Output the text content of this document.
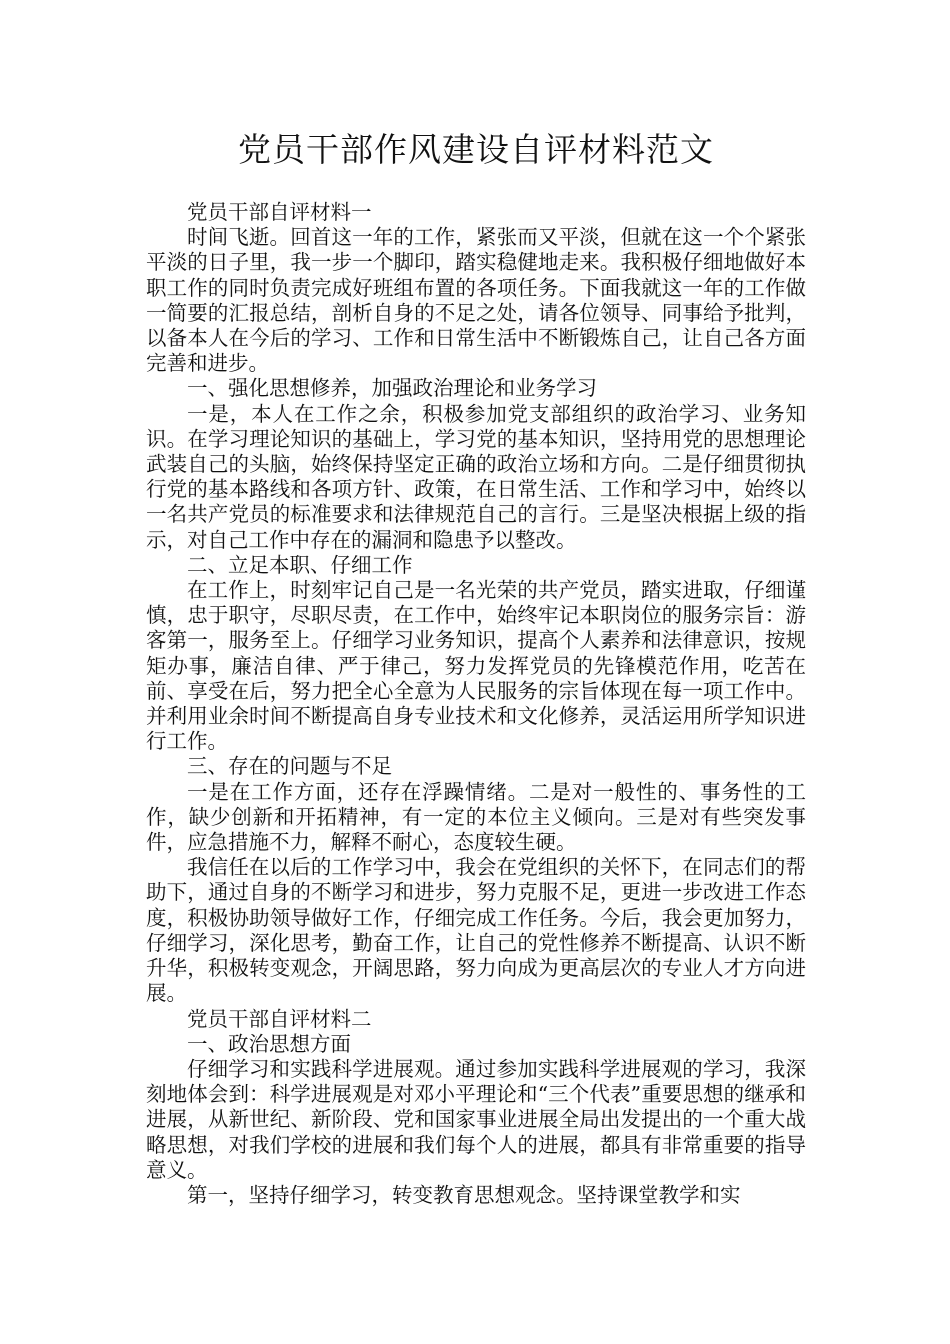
党员干部作风建设自评材料范文

党员干部自评材料一

时间飞逝。回首这一年的工作，紧张而又平淡，但就在这一个个紧张平淡的日子里，我一步一个脚印，踏实稳健地走来。我积极仔细地做好本职工作的同时负责完成好班组布置的各项任务。下面我就这一年的工作做一简要的汇报总结，剖析自身的不足之处，请各位领导、同事给予批判，以备本人在今后的学习、工作和日常生活中不断锻炼自己，让自己各方面完善和进步。

一、强化思想修养，加强政治理论和业务学习

一是，本人在工作之余，积极参加党支部组织的政治学习、业务知识。在学习理论知识的基础上，学习党的基本知识，坚持用党的思想理论武装自己的头脑，始终保持坚定正确的政治立场和方向。二是仔细贯彻执行党的基本路线和各项方针、政策，在日常生活、工作和学习中，始终以一名共产党员的标准要求和法律规范自己的言行。三是坚决根据上级的指示，对自己工作中存在的漏洞和隐患予以整改。

二、立足本职、仔细工作

在工作上，时刻牢记自己是一名光荣的共产党员，踏实进取，仔细谨慎，忠于职守，尽职尽责，在工作中，始终牢记本职岗位的服务宗旨：游客第一，服务至上。仔细学习业务知识，提高个人素养和法律意识，按规矩办事，廉洁自律、严于律己，努力发挥党员的先锋模范作用，吃苦在前、享受在后，努力把全心全意为人民服务的宗旨体现在每一项工作中。并利用业余时间不断提高自身专业技术和文化修养，灵活运用所学知识进行工作。

三、存在的问题与不足

一是在工作方面，还存在浮躁情绪。二是对一般性的、事务性的工作，缺少创新和开拓精神，有一定的本位主义倾向。三是对有些突发事件，应急措施不力，解释不耐心，态度较生硬。

我信任在以后的工作学习中，我会在党组织的关怀下，在同志们的帮助下，通过自身的不断学习和进步，努力克服不足，更进一步改进工作态度，积极协助领导做好工作，仔细完成工作任务。今后，我会更加努力，仔细学习，深化思考，勤奋工作，让自己的党性修养不断提高、认识不断升华，积极转变观念，开阔思路，努力向成为更高层次的专业人才方向进展。

党员干部自评材料二

一、政治思想方面

仔细学习和实践科学进展观。通过参加实践科学进展观的学习，我深刻地体会到：科学进展观是对邓小平理论和“三个代表”重要思想的继承和进展，从新世纪、新阶段、党和国家事业进展全局出发提出的一个重大战略思想，对我们学校的进展和我们每个人的进展，都具有非常重要的指导意义。

第一，坚持仔细学习，转变教育思想观念。坚持课堂教学和实
